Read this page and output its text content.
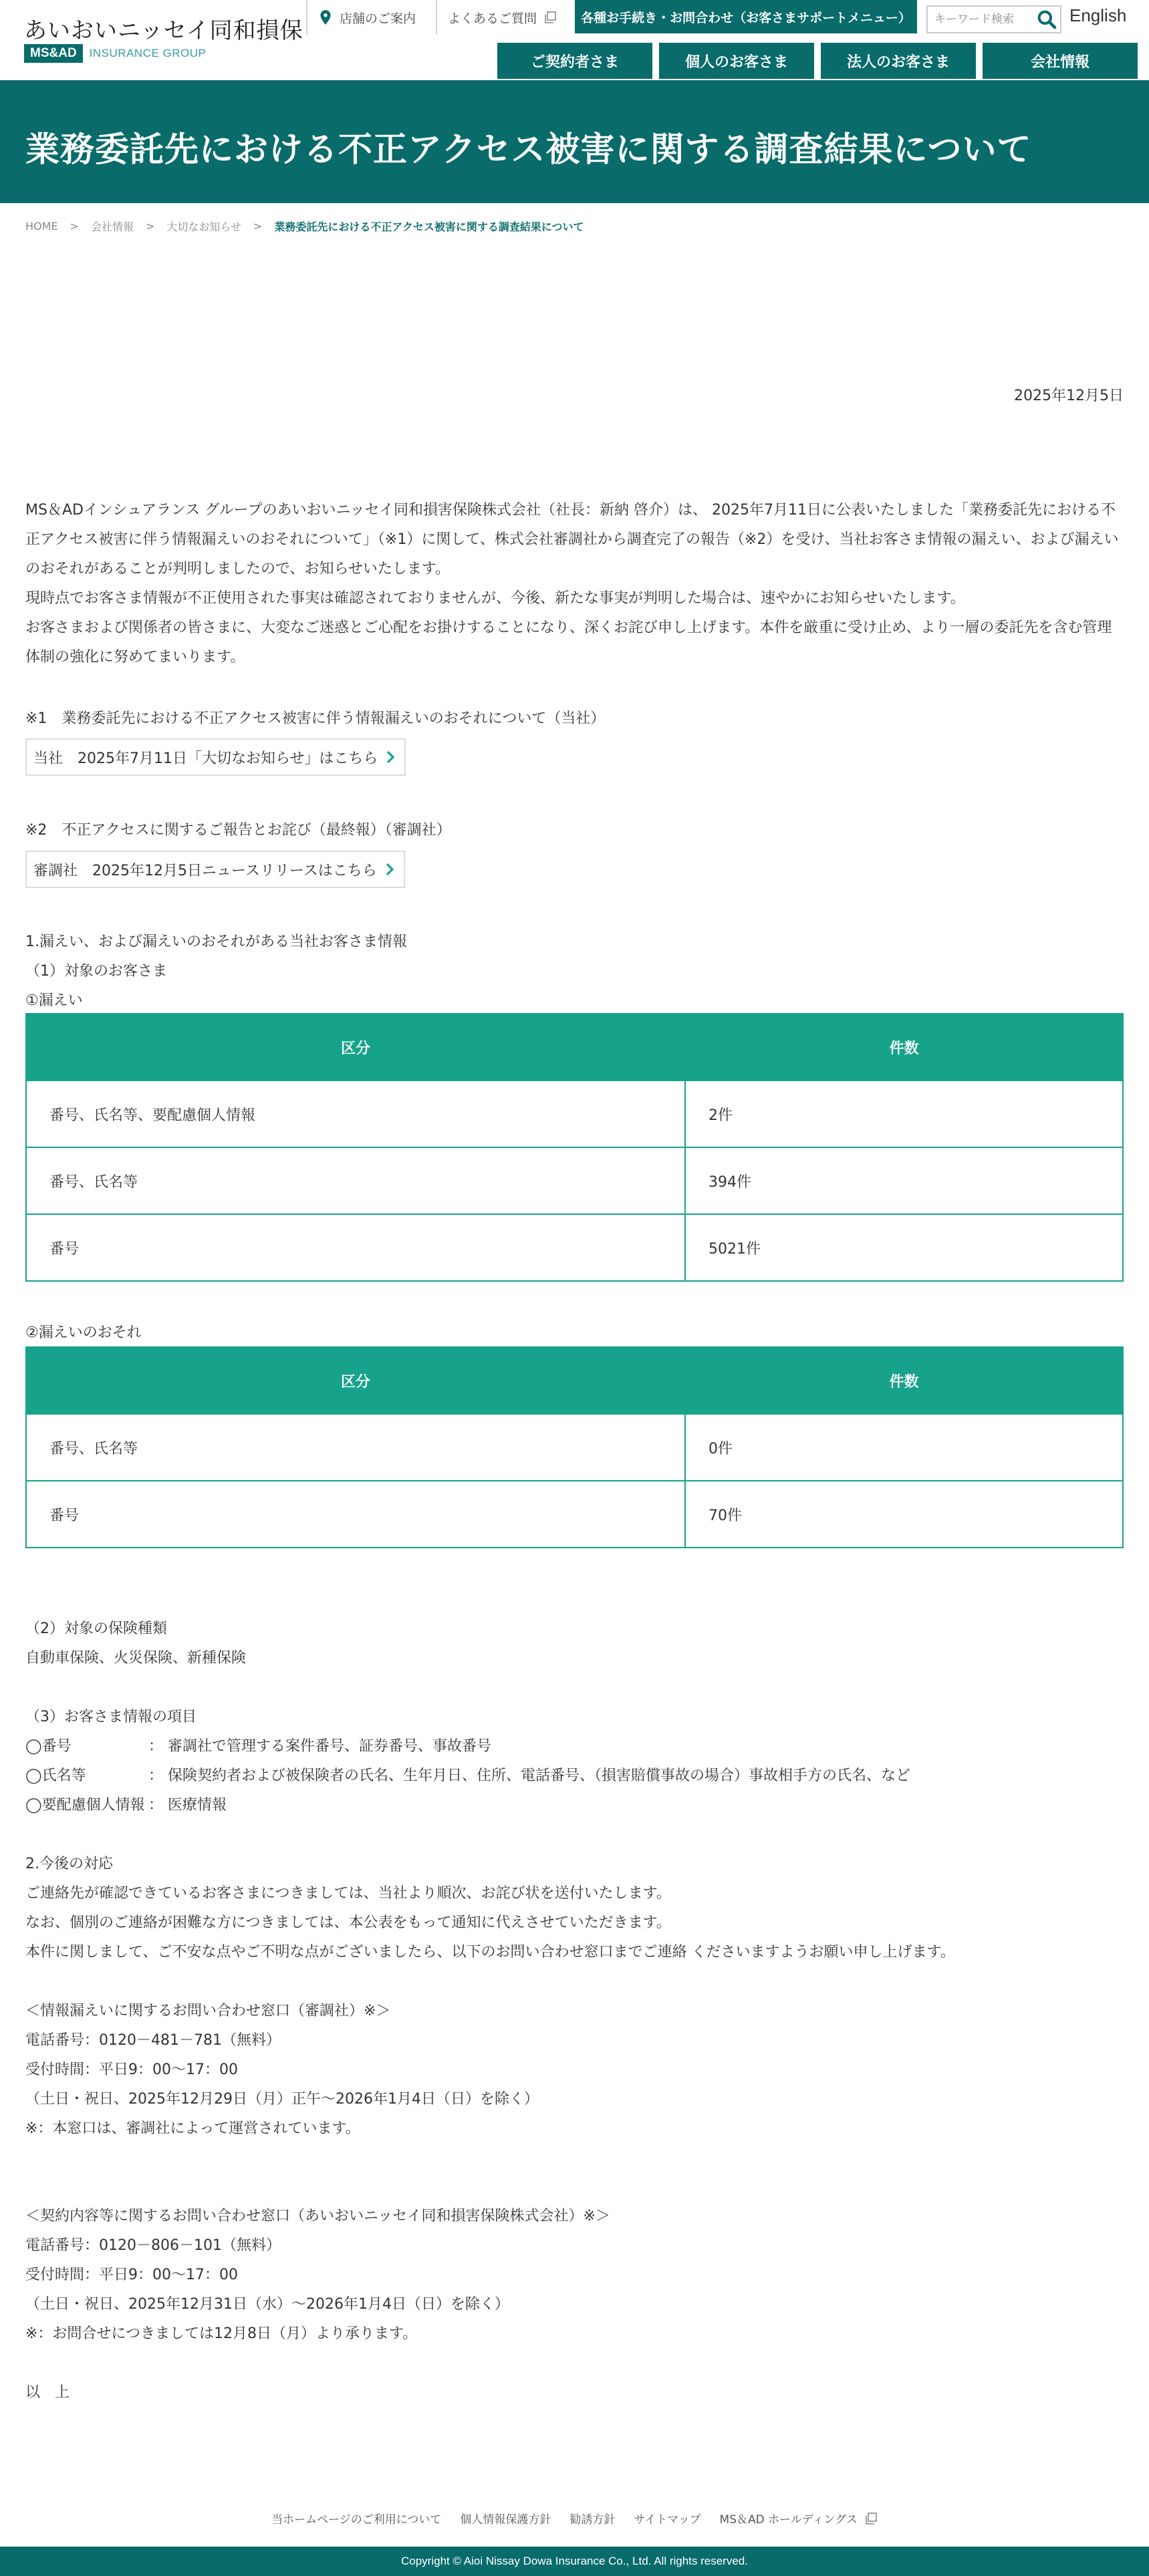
あいおいニッセイ同和損保
MS&AD	INSURANCE GROUP
店舗のご案内	よくあるご質問	各種お手続き・お問合わせ（お客さまサポートメニュー）
キーワード検索	English
ご契約者さま	個人のお客さま	法人のお客さま	会社情報
業務委託先における不正アクセス被害に関する調査結果について
HOME > 会社情報 > 大切なお知らせ > 業務委託先における不正アクセス被害に関する調査結果について
2025年12月5日

MS＆ADインシュアランス グループのあいおいニッセイ同和損害保険株式会社（社長：新納 啓介）は、 2025年7月11日に公表いたしました「業務委託先における不正アクセス被害に伴う情報漏えいのおそれについて」（※1）に関して、株式会社審調社から調査完了の報告（※2）を受け、当社お客さま情報の漏えい、および漏えいのおそれがあることが判明しましたので、お知らせいたします。

現時点でお客さま情報が不正使用された事実は確認されておりませんが、今後、新たな事実が判明した場合は、速やかにお知らせいたします。

お客さまおよび関係者の皆さまに、大変なご迷惑とご心配をお掛けすることになり、深くお詫び申し上げます。本件を厳重に受け止め、より一層の委託先を含む管理体制の強化に努めてまいります。

※1　業務委託先における不正アクセス被害に伴う情報漏えいのおそれについて（当社）

当社　2025年7月11日「大切なお知らせ」はこちら

※2　不正アクセスに関するご報告とお詫び（最終報）（審調社）

審調社　2025年12月5日ニュースリリースはこちら

1.漏えい、および漏えいのおそれがある当社お客さま情報

（1）対象のお客さま

①漏えい

区分	件数
番号、氏名等、要配慮個人情報	2件
番号、氏名等	394件
番号	5021件

②漏えいのおそれ

区分	件数
番号、氏名等	0件
番号	70件

（2）対象の保険種類

自動車保険、火災保険、新種保険

（3）お客さま情報の項目

◯番号	： 審調社で管理する案件番号、証券番号、事故番号

◯氏名等	： 保険契約者および被保険者の氏名、生年月日、住所、電話番号、（損害賠償事故の場合）事故相手方の氏名、など

◯要配慮個人情報 ： 医療情報

2.今後の対応

ご連絡先が確認できているお客さまにつきましては、当社より順次、お詫び状を送付いたします。

なお、個別のご連絡が困難な方につきましては、本公表をもって通知に代えさせていただきます。

本件に関しまして、ご不安な点やご不明な点がございましたら、以下のお問い合わせ窓口までご連絡 くださいますようお願い申し上げます。

＜情報漏えいに関するお問い合わせ窓口（審調社）※＞

電話番号：0120－481－781（無料）

受付時間：平日9：00～17：00

（土日・祝日、2025年12月29日（月）正午～2026年1月4日（日）を除く）

※：本窓口は、審調社によって運営されています。

＜契約内容等に関するお問い合わせ窓口（あいおいニッセイ同和損害保険株式会社）※＞

電話番号：0120－806－101（無料）

受付時間：平日9：00～17：00

（土日・祝日、2025年12月31日（水）～2026年1月4日（日）を除く）

※：お問合せにつきましては12月8日（月）より承ります。

以　上

当ホームページのご利用について 個人情報保護方針 勧誘方針 サイトマップ MS＆AD ホールディングス
Copyright © Aioi Nissay Dowa Insurance Co., Ltd. All rights reserved.
